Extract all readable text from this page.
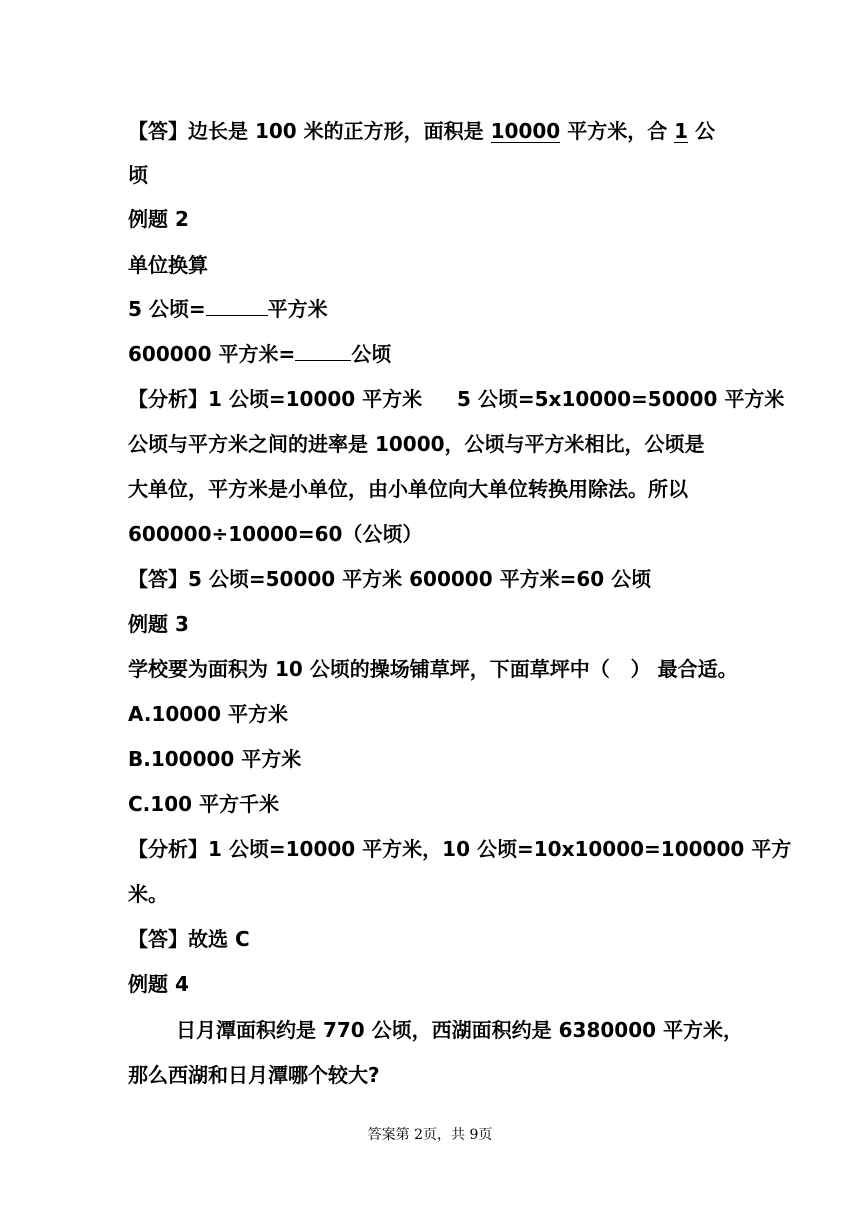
【答】边长是 100 米的正方形，面积是 10000 平方米，合 1 公
顷
例题 2
单位换算
5 公顷=	平方米
600000 平方米=	公顷
【分析】1 公顷=10000 平方米     5 公顷=5x10000=50000 平方米
公顷与平方米之间的进率是 10000，公顷与平方米相比，公顷是
大单位，平方米是小单位，由小单位向大单位转换用除法。所以
600000÷10000=60（公顷）
【答】5 公顷=50000 平方米 600000 平方米=60 公顷
例题 3
学校要为面积为 10 公顷的操场铺草坪，下面草坪中（   ） 最合适。
A.10000 平方米
B.100000 平方米
C.100 平方千米
【分析】1 公顷=10000 平方米，10 公顷=10x10000=100000 平方
米。
【答】故选 C
例题 4
日月潭面积约是 770 公顷，西湖面积约是 6380000 平方米，
那么西湖和日月潭哪个较大?
答案第 2页，共 9页
